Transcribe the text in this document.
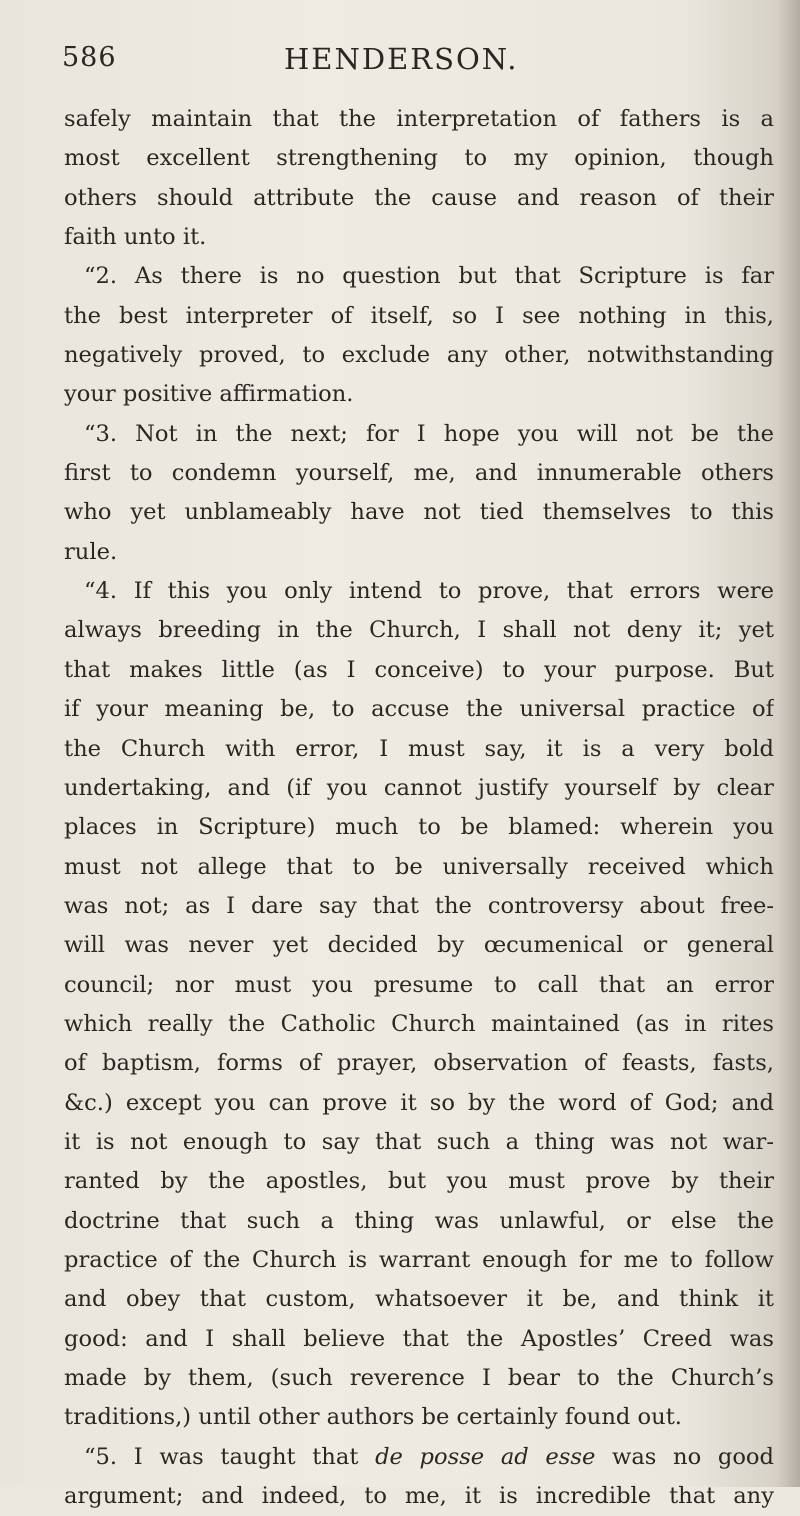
586	HENDERSON.
safely maintain that the interpretation of fathers is a
most excellent strengthening to my opinion, though
others should attribute the cause and reason of their
faith unto it.
“2. As there is no question but that Scripture is far
the best interpreter of itself, so I see nothing in this,
negatively proved, to exclude any other, notwithstanding
your positive affirmation.
“3. Not in the next; for I hope you will not be the
first to condemn yourself, me, and innumerable others
who yet unblameably have not tied themselves to this
rule.
“4. If this you only intend to prove, that errors were
always breeding in the Church, I shall not deny it; yet
that makes little (as I conceive) to your purpose. But
if your meaning be, to accuse the universal practice of
the Church with error, I must say, it is a very bold
undertaking, and (if you cannot justify yourself by clear
places in Scripture) much to be blamed: wherein you
must not allege that to be universally received which
was not; as I dare say that the controversy about free-
will was never yet decided by œcumenical or general
council; nor must you presume to call that an error
which really the Catholic Church maintained (as in rites
of baptism, forms of prayer, observation of feasts, fasts,
&c.) except you can prove it so by the word of God; and
it is not enough to say that such a thing was not war-
ranted by the apostles, but you must prove by their
doctrine that such a thing was unlawful, or else the
practice of the Church is warrant enough for me to follow
and obey that custom, whatsoever it be, and think it
good: and I shall believe that the Apostles’ Creed was
made by them, (such reverence I bear to the Church’s
traditions,) until other authors be certainly found out.
“5. I was taught that de posse ad esse was no good
argument; and indeed, to me, it is incredible that any
